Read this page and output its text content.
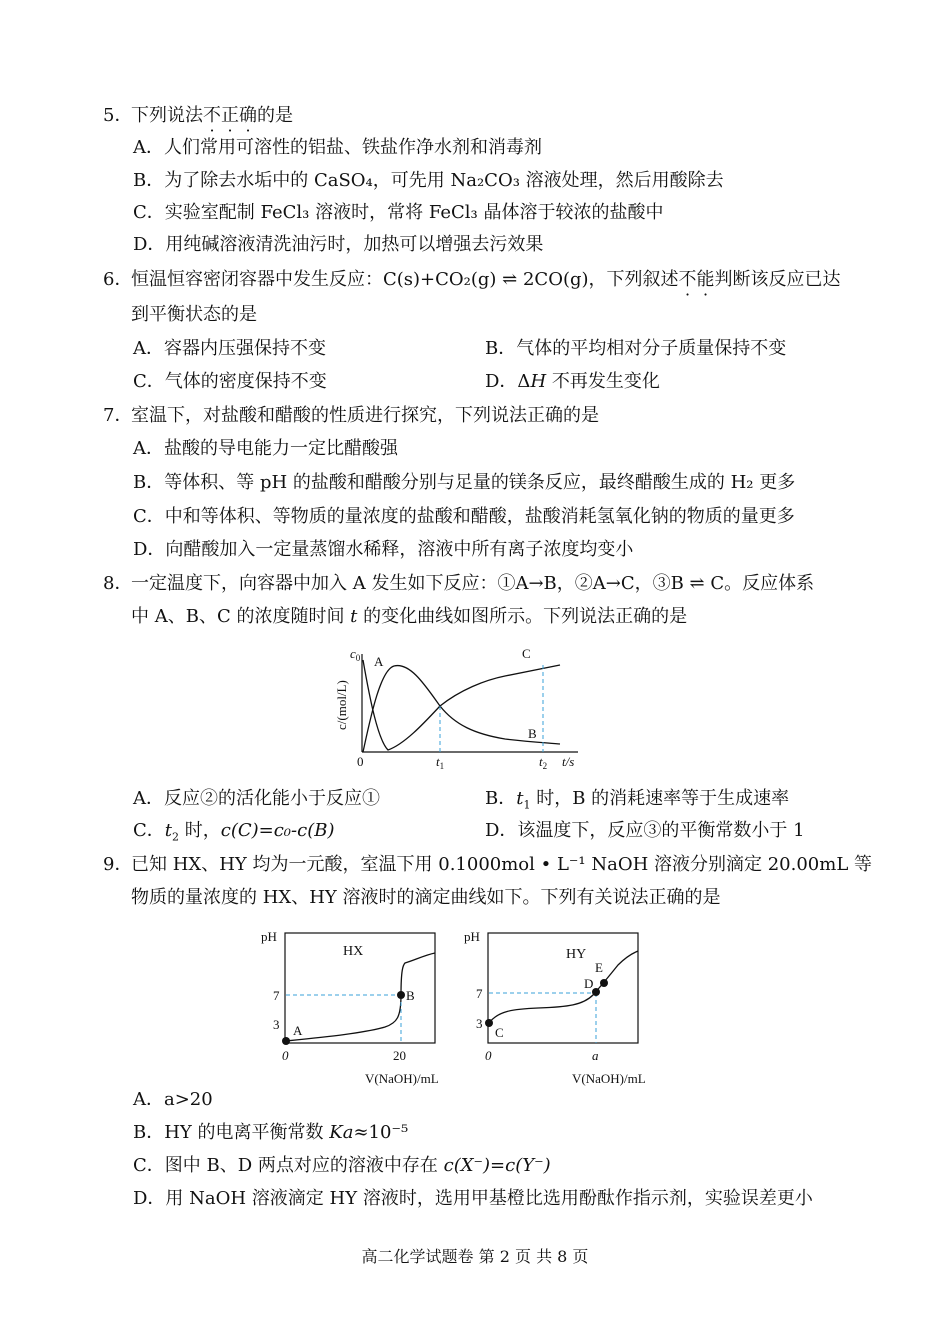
5．下列说法不正确的是
A．人们常用可溶性的铝盐、铁盐作净水剂和消毒剂
B．为了除去水垢中的 CaSO₄，可先用 Na₂CO₃ 溶液处理，然后用酸除去
C．实验室配制 FeCl₃ 溶液时，常将 FeCl₃ 晶体溶于较浓的盐酸中
D．用纯碱溶液清洗油污时，加热可以增强去污效果
6．恒温恒容密闭容器中发生反应：C(s)+CO₂(g) ⇌ 2CO(g)，下列叙述不能判断该反应已达
到平衡状态的是
A．容器内压强保持不变	B．气体的平均相对分子质量保持不变
C．气体的密度保持不变	D．ΔH 不再发生变化
7．室温下，对盐酸和醋酸的性质进行探究，下列说法正确的是
A．盐酸的导电能力一定比醋酸强
B．等体积、等 pH 的盐酸和醋酸分别与足量的镁条反应，最终醋酸生成的 H₂ 更多
C．中和等体积、等物质的量浓度的盐酸和醋酸，盐酸消耗氢氧化钠的物质的量更多
D．向醋酸加入一定量蒸馏水稀释，溶液中所有离子浓度均变小
8．一定温度下，向容器中加入 A 发生如下反应：①A→B，②A→C，③B ⇌ C。反应体系
中 A、B、C 的浓度随时间 t 的变化曲线如图所示。下列说法正确的是
$c_0$
c/(mol/L)
0	$t_1$	$t_2$ t/s
A
B
C
A．反应②的活化能小于反应①	B．$t_1$ 时，B 的消耗速率等于生成速率
C．$t_2$ 时，c(C)=c₀-c(B)	D．该温度下，反应③的平衡常数小于 1
9．已知 HX、HY 均为一元酸，室温下用 0.1000mol • L⁻¹ NaOH 溶液分别滴定 20.00mL 等
物质的量浓度的 HX、HY 溶液时的滴定曲线如下。下列有关说法正确的是
pH
HX
7
3
0	20
A
B
V(NaOH)/mL
pH
HY
7
3
0	a
C
D
E
V(NaOH)/mL
A．a>20
B．HY 的电离平衡常数 Ka≈10⁻⁵
C．图中 B、D 两点对应的溶液中存在 c(X⁻)=c(Y⁻)
D．用 NaOH 溶液滴定 HY 溶液时，选用甲基橙比选用酚酞作指示剂，实验误差更小
高二化学试题卷 第 2 页 共 8 页
